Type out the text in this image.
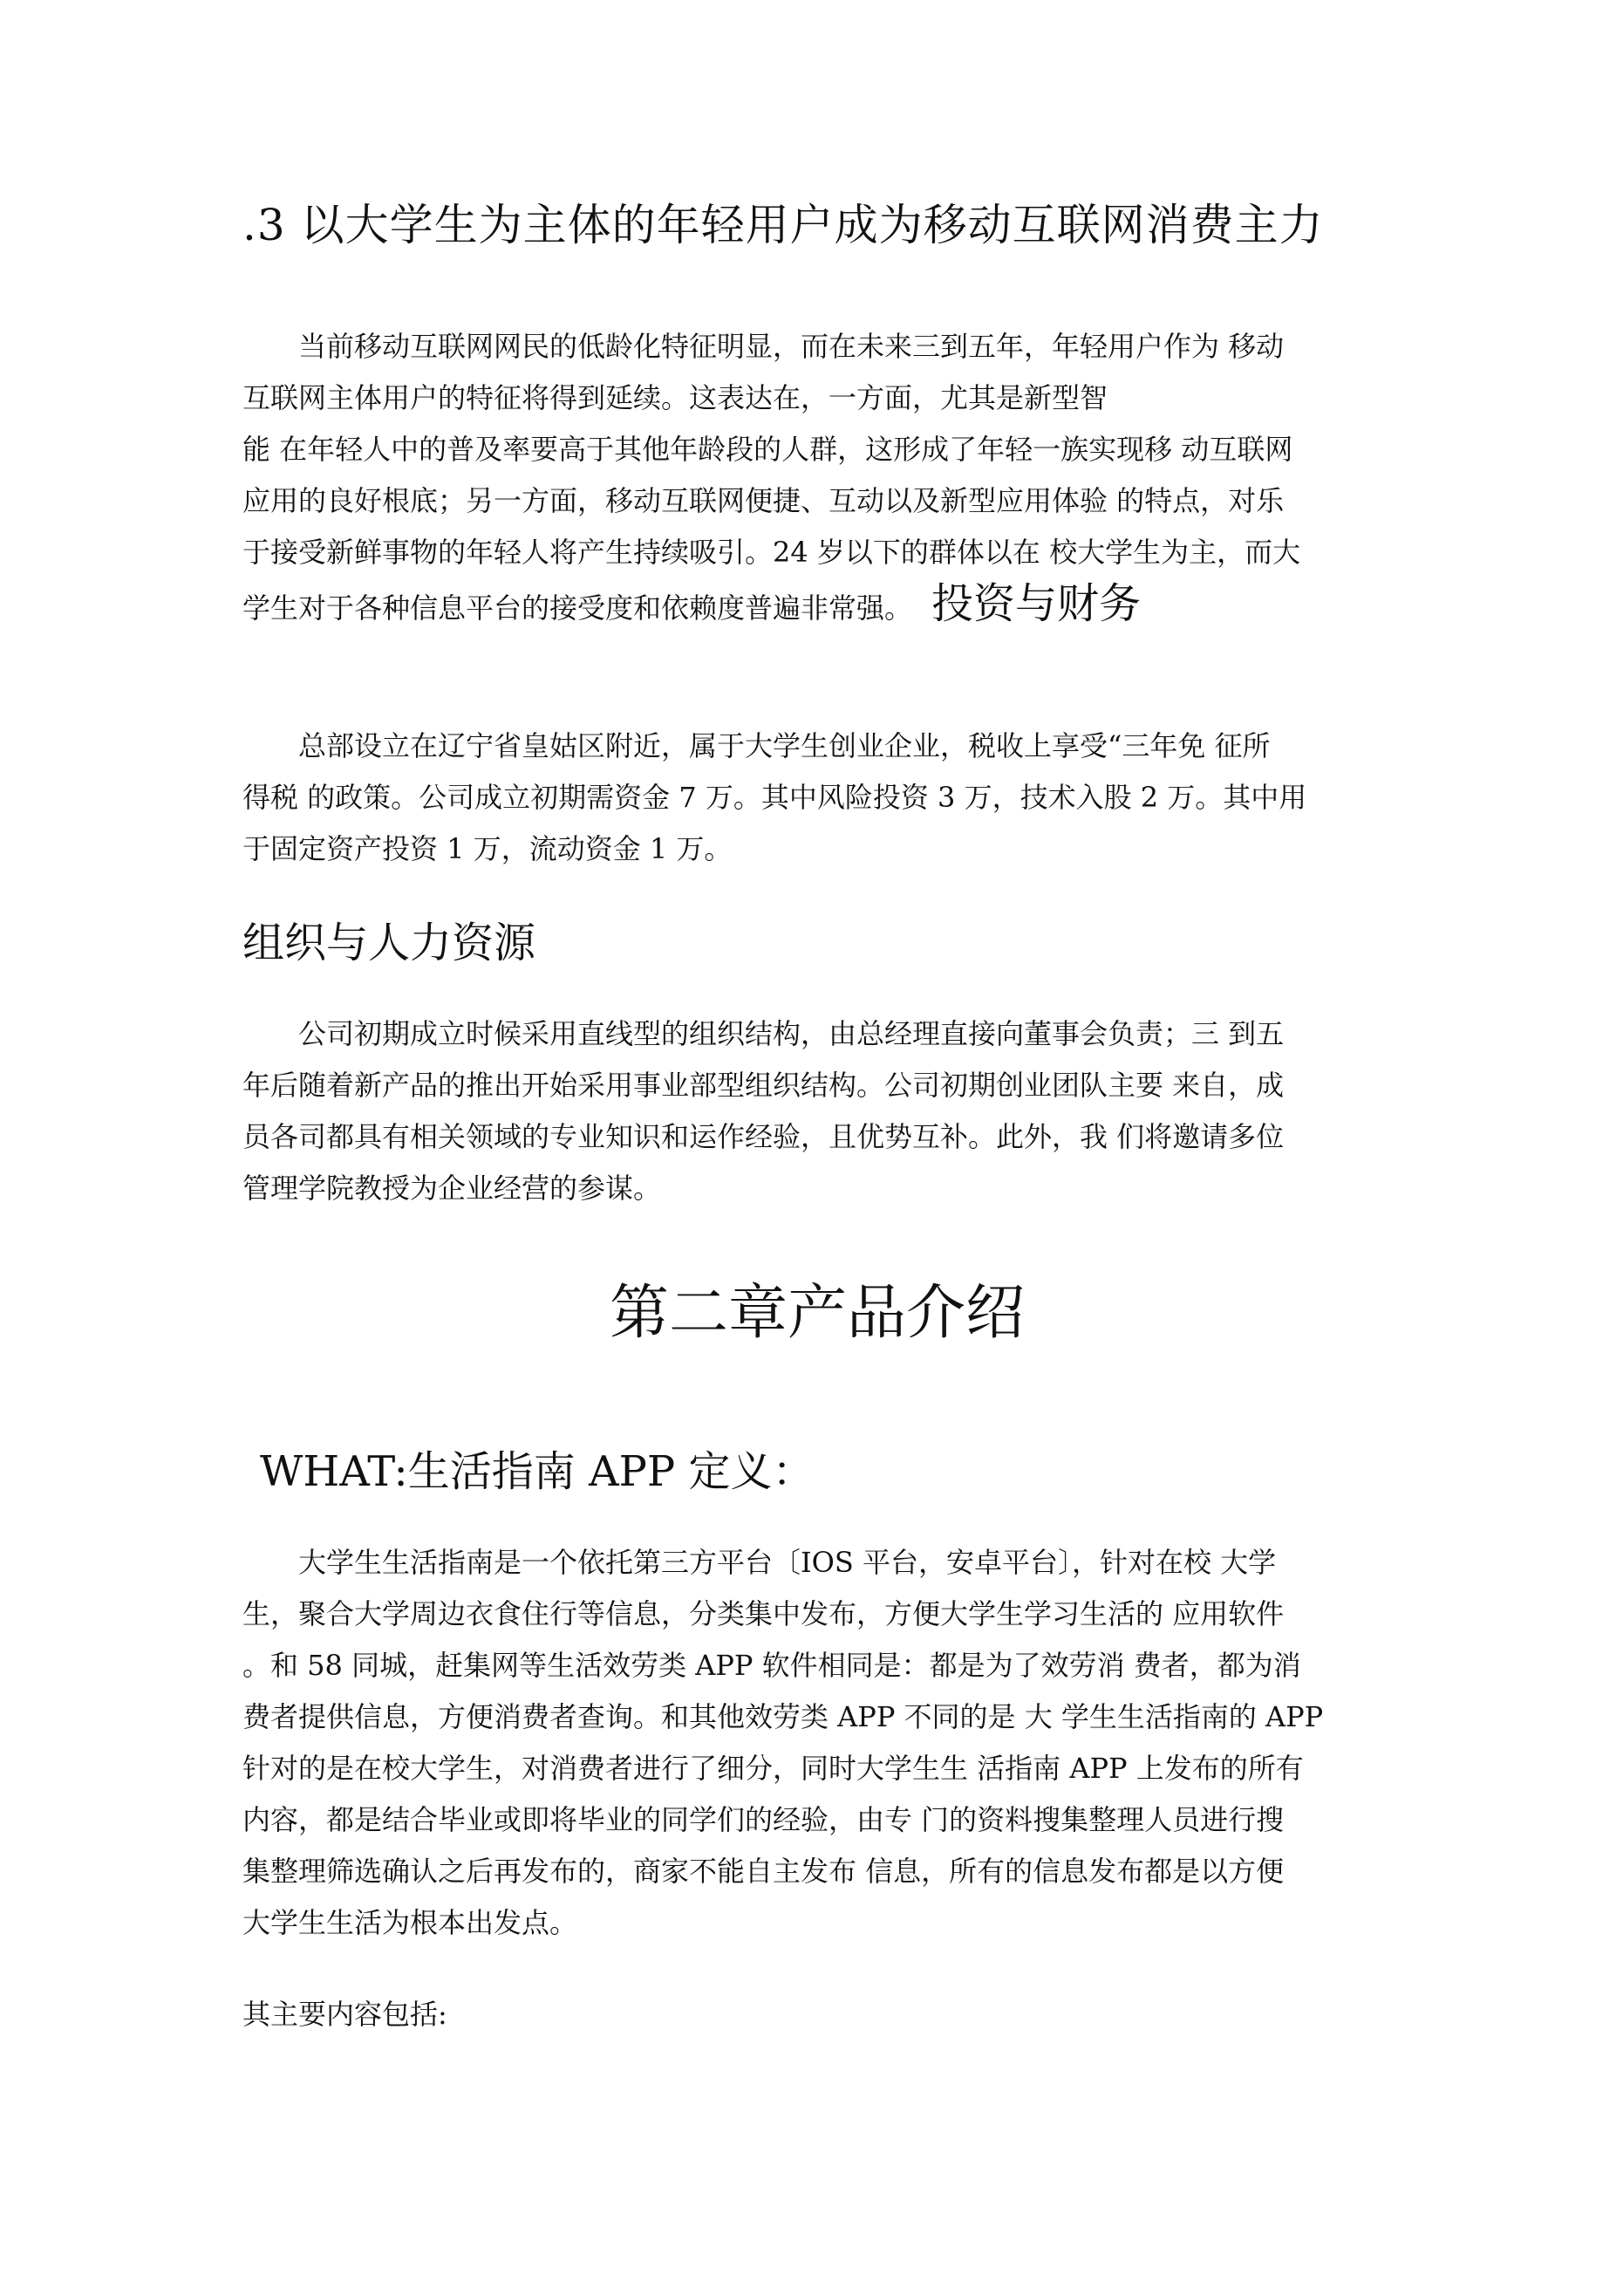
.3 以大学生为主体的年轻用户成为移动互联网消费主力
当前移动互联网网民的低龄化特征明显，而在未来三到五年，年轻用户作为 移动
互联网主体用户的特征将得到延续。这表达在，一方面，尤其是新型智
能 在年轻人中的普及率要高于其他年龄段的人群，这形成了年轻一族实现移 动互联网
应用的良好根底；另一方面，移动互联网便捷、互动以及新型应用体验 的特点，对乐
于接受新鲜事物的年轻人将产生持续吸引。24 岁以下的群体以在 校大学生为主，而大
学生对于各种信息平台的接受度和依赖度普遍非常强。 投资与财务
总部设立在辽宁省皇姑区附近，属于大学生创业企业，税收上享受“三年免 征所
得税 的政策。公司成立初期需资金 7 万。其中风险投资 3 万，技术入股 2 万。其中用
于固定资产投资 1 万，流动资金 1 万。
组织与人力资源
公司初期成立时候采用直线型的组织结构，由总经理直接向董事会负责；三 到五
年后随着新产品的推出开始采用事业部型组织结构。公司初期创业团队主要 来自，成
员各司都具有相关领域的专业知识和运作经验，且优势互补。此外，我 们将邀请多位
管理学院教授为企业经营的参谋。
第二章产品介绍
WHAT:生活指南 APP 定义：
大学生生活指南是一个依托第三方平台〔IOS 平台，安卓平台〕，针对在校 大学
生，聚合大学周边衣食住行等信息，分类集中发布，方便大学生学习生活的 应用软件
。和 58 同城，赶集网等生活效劳类 APP 软件相同是：都是为了效劳消 费者，都为消
费者提供信息，方便消费者查询。和其他效劳类 APP 不同的是 大 学生生活指南的 APP
针对的是在校大学生，对消费者进行了细分，同时大学生生 活指南 APP 上发布的所有
内容，都是结合毕业或即将毕业的同学们的经验，由专 门的资料搜集整理人员进行搜
集整理筛选确认之后再发布的，商家不能自主发布 信息，所有的信息发布都是以方便
大学生生活为根本出发点。
其主要内容包括:
